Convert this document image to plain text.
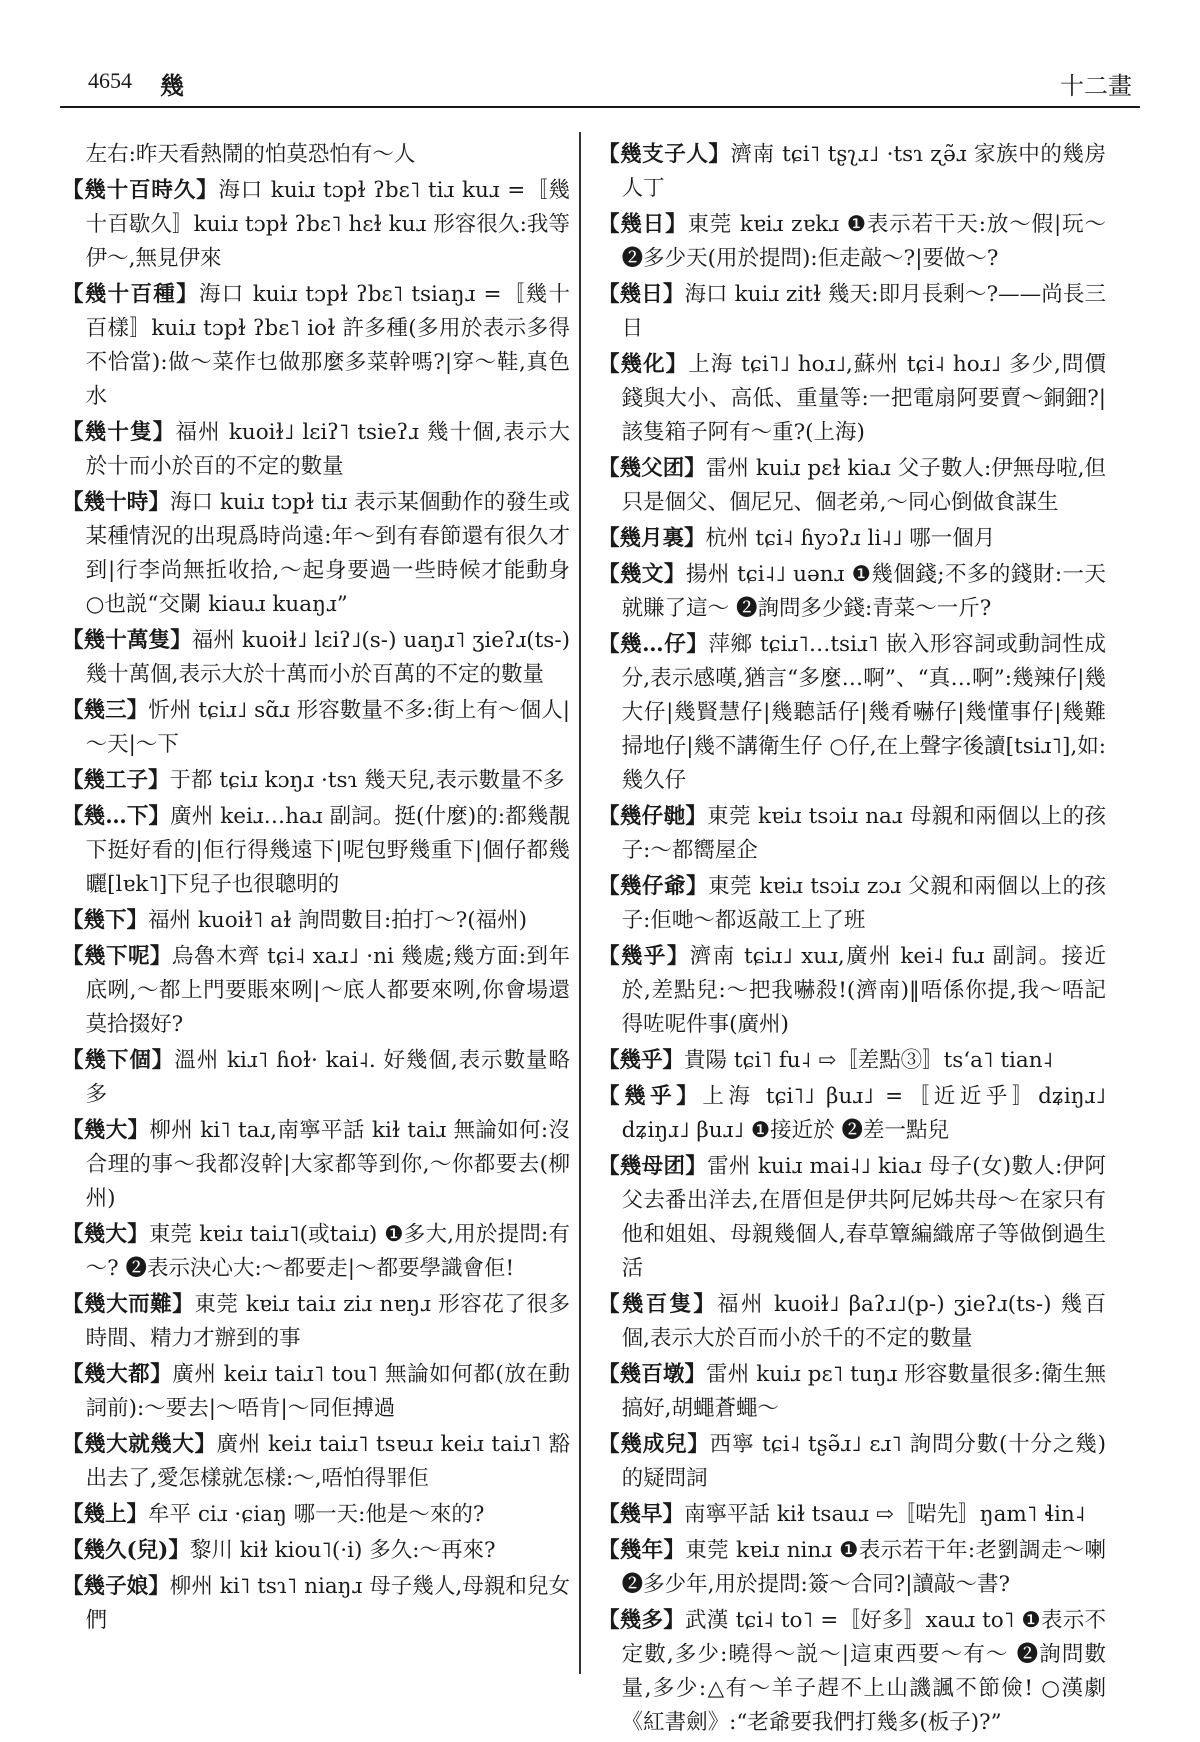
4654 幾	十二畫

左右:昨天看熱鬧的怕莫恐怕有～人

【幾十百時久】海口 kuiɹ tɔpɫ ʔbɛ˥ tiɹ kuɹ =〚幾十百歇久〛kuiɹ tɔpɫ ʔbɛ˥ hɛɫ kuɹ 形容很久:我等伊～,無見伊來

【幾十百種】海口 kuiɹ tɔpɫ ʔbɛ˥ tsiaŋɹ =〚幾十百樣〛kuiɹ tɔpɫ ʔbɛ˥ ioɫ 許多種(多用於表示多得不恰當):做～菜作乜做那麼多菜幹嗎?|穿～鞋,真色水

【幾十隻】福州 kuoiɫ˩ lɛiʔ˥ tsieʔɹ 幾十個,表示大於十而小於百的不定的數量

【幾十時】海口 kuiɹ tɔpɫ tiɹ 表示某個動作的發生或某種情況的出現爲時尚遠:年～到有春節還有很久才到|行李尚無拞收拾,～起身要過一些時候才能動身 ○也説“交闌 kiauɹ kuaŋɹ”

【幾十萬隻】福州 kuoiɫ˩ lɛiʔ˩(s-) uaŋɹ˥ ʒieʔɹ(ts-) 幾十萬個,表示大於十萬而小於百萬的不定的數量

【幾三】忻州 tɕiɹ˩ sɑ̃ɹ 形容數量不多:街上有～個人|～天|～下

【幾工子】于都 tɕiɹ kɔŋɹ ·tsɿ 幾天兒,表示數量不多

【幾…下】廣州 keiɹ…haɹ 副詞。挺(什麼)的:都幾靚下挺好看的|佢行得幾遠下|呢包野幾重下|個仔都幾曬[lɐk˥]下兒子也很聰明的

【幾下】福州 kuoiɫ˥ aɫ 詢問數目:拍打～?(福州)

【幾下呢】烏魯木齊 tɕi˨ xaɹ˩ ·ni 幾處;幾方面:到年底咧,～都上門要賬來咧|～底人都要來咧,你會場還莫拾掇好?

【幾下個】溫州 kiɹ˥ ɦoɫ· kai˨. 好幾個,表示數量略多

【幾大】柳州 ki˥ taɹ,南寧平話 kiɫ taiɹ 無論如何:沒合理的事～我都沒幹|大家都等到你,～你都要去(柳州)

【幾大】東莞 kɐiɹ taiɹ˥(或taiɹ) ❶多大,用於提問:有～? ❷表示決心大:～都要走|～都要學識會佢!

【幾大而難】東莞 kɐiɹ taiɹ ziɹ nɐŋɹ 形容花了很多時間、精力才辦到的事

【幾大都】廣州 keiɹ taiɹ˥ tou˥ 無論如何都(放在動詞前):～要去|～唔肯|～同佢搏過

【幾大就幾大】廣州 keiɹ taiɹ˥ tsɐuɹ keiɹ taiɹ˥ 豁出去了,愛怎樣就怎樣:～,唔怕得罪佢

【幾上】牟平 ciɹ ·ɕiaŋ 哪一天:他是～來的?

【幾久(兒)】黎川 kiɫ kiou˥(·i) 多久:～再來?

【幾子娘】柳州 ki˥ tsɿ˥ niaŋɹ 母子幾人,母親和兒女們

【幾支子人】濟南 tɕi˥ tʂʅɹ˩ ·tsɿ ʐə̃ɹ 家族中的幾房人丁

【幾日】東莞 kɐiɹ zɐkɹ ❶表示若干天:放～假|玩～ ❷多少天(用於提問):佢走敲～?|要做～?

【幾日】海口 kuiɹ zitɫ 幾天:即月長剩～?——尚長三日

【幾化】上海 tɕi˥˩ hoɹ˩,蘇州 tɕi˨ hoɹ˩ 多少,問價錢與大小、高低、重量等:一把電扇阿要賣～銅鈿?|該隻箱子阿有～重?(上海)

【幾父团】雷州 kuiɹ pɛɫ kiaɹ 父子數人:伊無母啦,但只是個父、個尼兄、個老弟,～同心倒做食謀生

【幾月裏】杭州 tɕi˨ ɦyɔʔɹ li˨˩ 哪一個月

【幾文】揚州 tɕi˨˩ uənɹ ❶幾個錢;不多的錢財:一天就賺了這～ ❷詢問多少錢:青菜～一斤?

【幾…仔】萍鄉 tɕiɹ˥…tsiɹ˥ 嵌入形容詞或動詞性成分,表示感嘆,猶言“多麼…啊”、“真…啊”:幾辣仔|幾大仔|幾賢慧仔|幾聽話仔|幾肴嚇仔|幾懂事仔|幾難掃地仔|幾不講衛生仔 ○仔,在上聲字後讀[tsiɹ˥],如:幾久仔

【幾仔毑】東莞 kɐiɹ tsɔiɹ naɹ 母親和兩個以上的孩子:～都嚮屋企

【幾仔爺】東莞 kɐiɹ tsɔiɹ zɔɹ 父親和兩個以上的孩子:佢哋～都返敲工上了班

【幾乎】濟南 tɕiɹ˩ xuɹ,廣州 kei˨ fuɹ 副詞。接近於,差點兒:～把我嚇殺!(濟南)‖唔係你提,我～唔記得咗呢件事(廣州)

【幾乎】貴陽 tɕi˥ fu˨ ⇨〚差點③〛tsʻa˥ tian˨

【幾乎】上海 tɕi˥˩ βuɹ˩ =〚近近乎〛dʑiŋɹ˩ dʑiŋɹ˩ βuɹ˩ ❶接近於 ❷差一點兒

【幾母团】雷州 kuiɹ mai˨˩ kiaɹ 母子(女)數人:伊阿父去番出洋去,在厝但是伊共阿尼姊共母～在家只有他和姐姐、母親幾個人,春草簟編織席子等做倒過生活

【幾百隻】福州 kuoiɫ˩ βaʔɹ˩(p-) ʒieʔɹ(ts-) 幾百個,表示大於百而小於千的不定的數量

【幾百墩】雷州 kuiɹ pɛ˥ tuŋɹ 形容數量很多:衛生無搞好,胡蠅蒼蠅～

【幾成兒】西寧 tɕi˨ tʂə̃ɹ˩ ɛɹ˥ 詢問分數(十分之幾)的疑問詞

【幾早】南寧平話 kiɫ tsauɹ ⇨〚啱先〛ŋam˥ ɬin˨

【幾年】東莞 kɐiɹ ninɹ ❶表示若干年:老劉調走～喇 ❷多少年,用於提問:簽～合同?|讀敲～書?

【幾多】武漢 tɕi˨ to˥ =〚好多〛xauɹ to˥ ❶表示不定數,多少:曉得～説～|這東西要～有～ ❷詢問數量,多少:△有～羊子趕不上山譏諷不節儉! ○漢劇《紅書劍》:“老爺要我們打幾多(板子)?”
